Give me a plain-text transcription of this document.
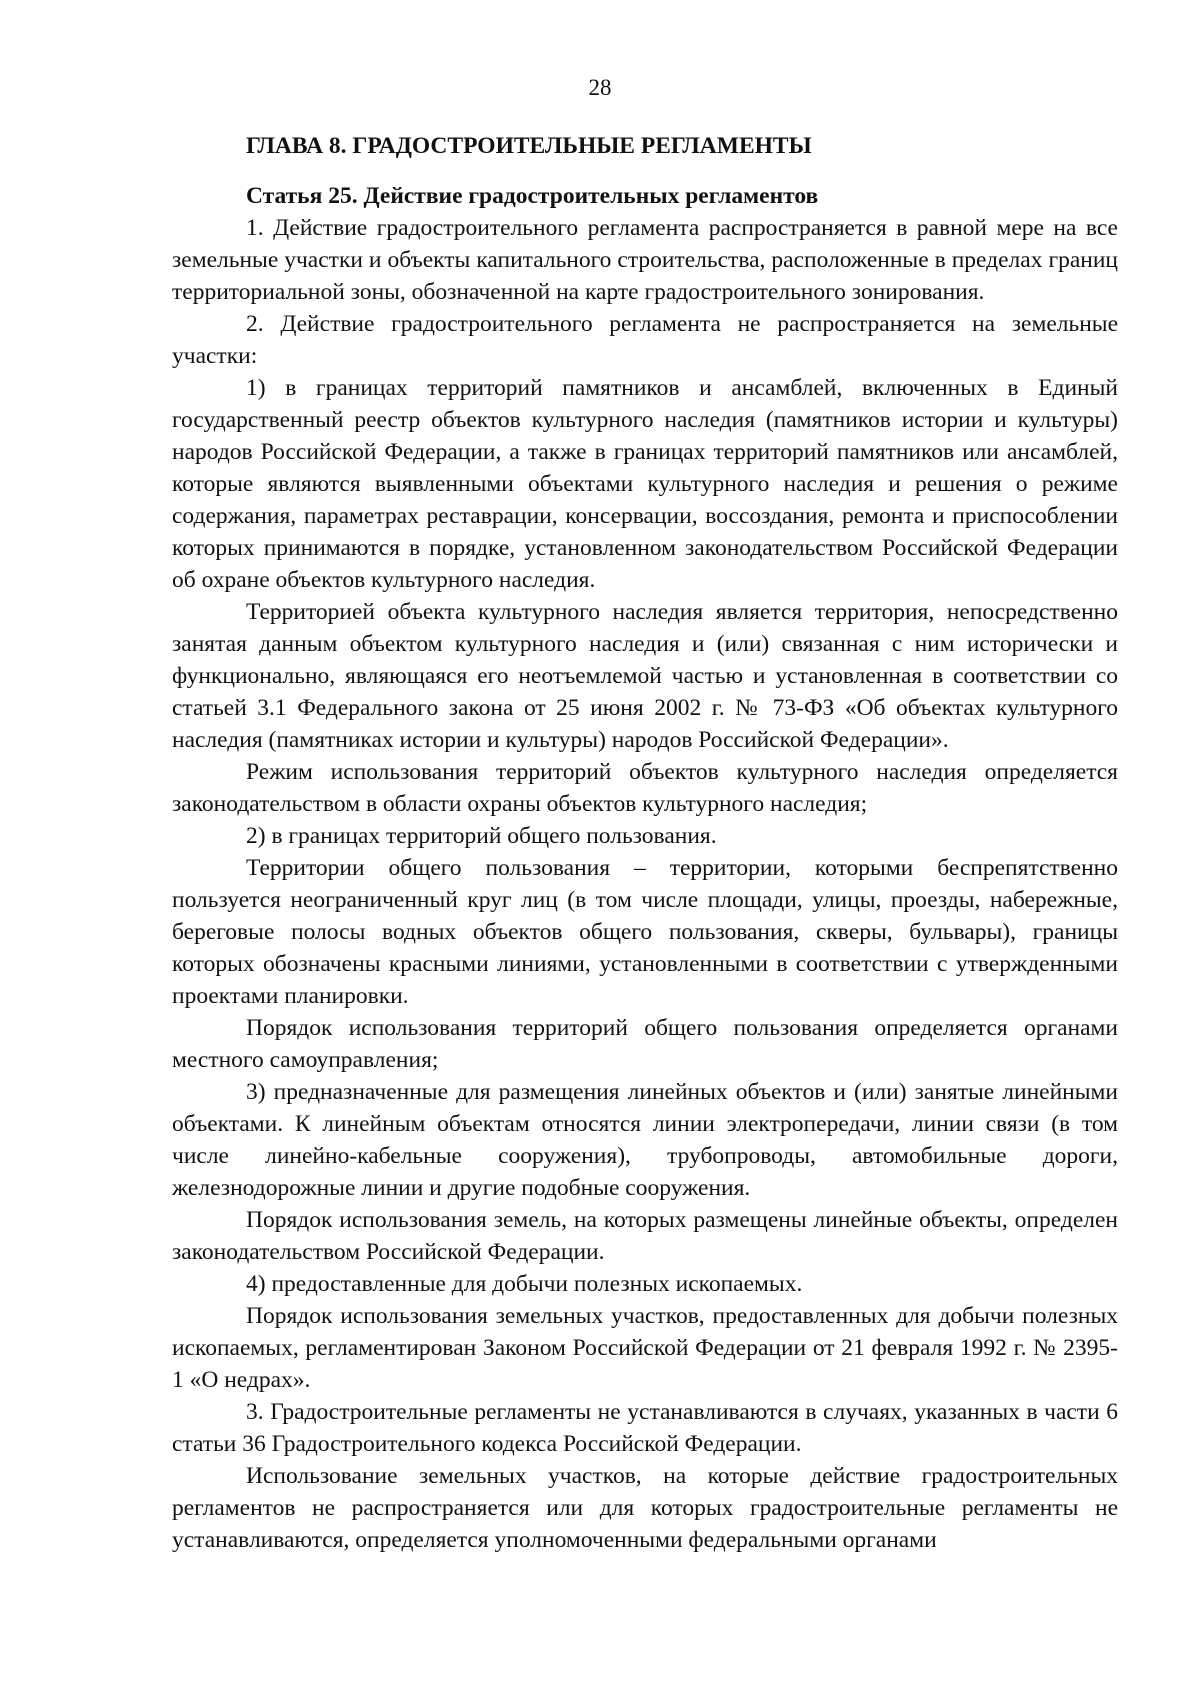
28
ГЛАВА 8. ГРАДОСТРОИТЕЛЬНЫЕ РЕГЛАМЕНТЫ
Статья 25. Действие градостроительных регламентов

1. Действие градостроительного регламента распространяется в равной мере на все земельные участки и объекты капитального строительства, расположенные в пределах границ территориальной зоны, обозначенной на карте градостроительного зонирования.

2. Действие градостроительного регламента не распространяется на земельные участки:

1) в границах территорий памятников и ансамблей, включенных в Единый государственный реестр объектов культурного наследия (памятников истории и культуры) народов Российской Федерации, а также в границах территорий памятников или ансамблей, которые являются выявленными объектами культурного наследия и решения о режиме содержания, параметрах реставрации, консервации, воссоздания, ремонта и приспособлении которых принимаются в порядке, установленном законодательством Российской Федерации об охране объектов культурного наследия.

Территорией объекта культурного наследия является территория, непосредственно занятая данным объектом культурного наследия и (или) связанная с ним исторически и функционально, являющаяся его неотъемлемой частью и установленная в соответствии со статьей 3.1 Федерального закона от 25 июня 2002 г. № 73-ФЗ «Об объектах культурного наследия (памятниках истории и культуры) народов Российской Федерации».

Режим использования территорий объектов культурного наследия определяется законодательством в области охраны объектов культурного наследия;

2) в границах территорий общего пользования.

Территории общего пользования – территории, которыми беспрепятственно пользуется неограниченный круг лиц (в том числе площади, улицы, проезды, набережные, береговые полосы водных объектов общего пользования, скверы, бульвары), границы которых обозначены красными линиями, установленными в соответствии с утвержденными проектами планировки.

Порядок использования территорий общего пользования определяется органами местного самоуправления;

3) предназначенные для размещения линейных объектов и (или) занятые линейными объектами. К линейным объектам относятся линии электропередачи, линии связи (в том числе линейно-кабельные сооружения), трубопроводы, автомобильные дороги, железнодорожные линии и другие подобные сооружения.

Порядок использования земель, на которых размещены линейные объекты, определен законодательством Российской Федерации.

4) предоставленные для добычи полезных ископаемых.

Порядок использования земельных участков, предоставленных для добычи полезных ископаемых, регламентирован Законом Российской Федерации от 21 февраля 1992 г. № 2395-1 «О недрах».

3. Градостроительные регламенты не устанавливаются в случаях, указанных в части 6 статьи 36 Градостроительного кодекса Российской Федерации.

Использование земельных участков, на которые действие градостроительных регламентов не распространяется или для которых градостроительные регламенты не устанавливаются, определяется уполномоченными федеральными органами
